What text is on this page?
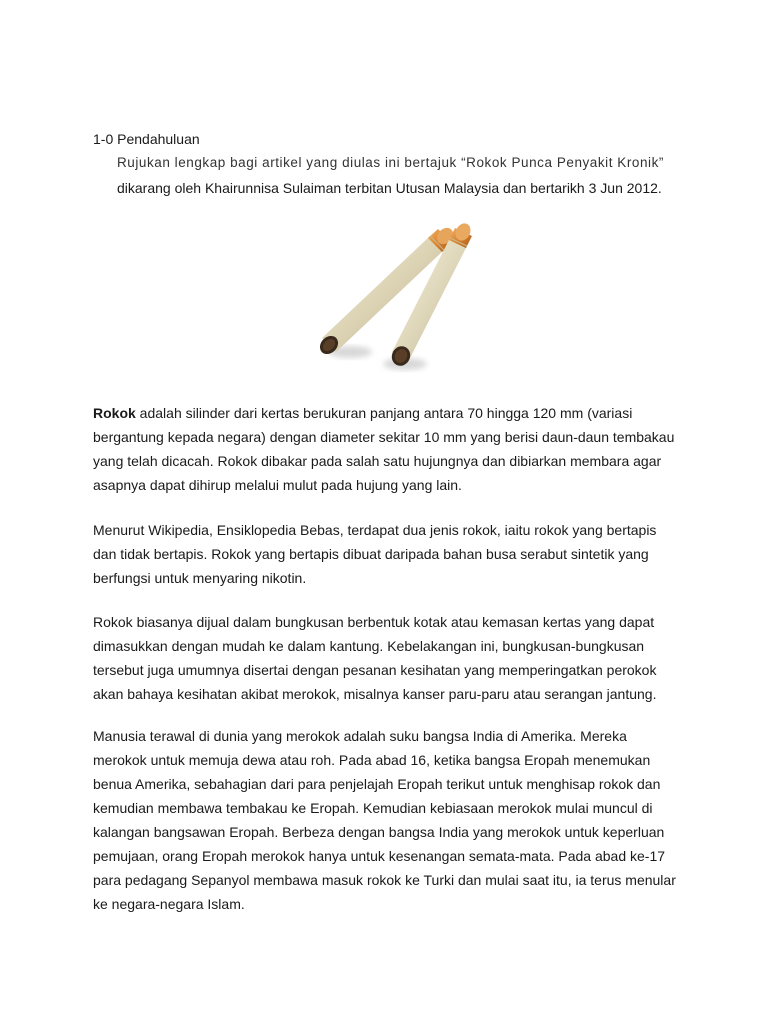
1-0 Pendahuluan
Rujukan lengkap bagi artikel yang diulas ini bertajuk “Rokok Punca Penyakit Kronik”
dikarang oleh Khairunnisa Sulaiman terbitan Utusan Malaysia dan bertarikh 3 Jun 2012.

Rokok adalah silinder dari kertas berukuran panjang antara 70 hingga 120 mm (variasi bergantung kepada negara) dengan diameter sekitar 10 mm yang berisi daun-daun tembakau yang telah dicacah. Rokok dibakar pada salah satu hujungnya dan dibiarkan membara agar asapnya dapat dihirup melalui mulut pada hujung yang lain.

Menurut Wikipedia, Ensiklopedia Bebas, terdapat dua jenis rokok, iaitu rokok yang bertapis dan tidak bertapis. Rokok yang bertapis dibuat daripada bahan busa serabut sintetik yang berfungsi untuk menyaring nikotin.

Rokok biasanya dijual dalam bungkusan berbentuk kotak atau kemasan kertas yang dapat dimasukkan dengan mudah ke dalam kantung. Kebelakangan ini, bungkusan-bungkusan tersebut juga umumnya disertai dengan pesanan kesihatan yang memperingatkan perokok akan bahaya kesihatan akibat merokok, misalnya kanser paru-paru atau serangan jantung.

Manusia terawal di dunia yang merokok adalah suku bangsa India di Amerika. Mereka merokok untuk memuja dewa atau roh. Pada abad 16, ketika bangsa Eropah menemukan benua Amerika, sebahagian dari para penjelajah Eropah terikut untuk menghisap rokok dan kemudian membawa tembakau ke Eropah. Kemudian kebiasaan merokok mulai muncul di kalangan bangsawan Eropah. Berbeza dengan bangsa India yang merokok untuk keperluan pemujaan, orang Eropah merokok hanya untuk kesenangan semata-mata. Pada abad ke-17 para pedagang Sepanyol membawa masuk rokok ke Turki dan mulai saat itu, ia terus menular ke negara-negara Islam.
